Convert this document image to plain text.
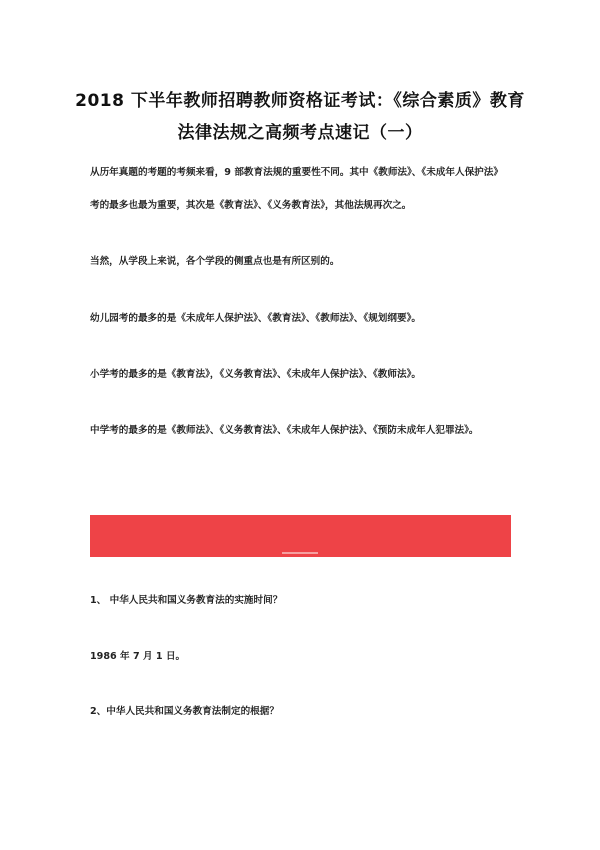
2018 下半年教师招聘教师资格证考试：《综合素质》教育
法律法规之高频考点速记（一）
从历年真题的考题的考频来看，9 部教育法规的重要性不同。其中《教师法》、《未成年人保护法》
考的最多也最为重要，其次是《教育法》、《义务教育法》，其他法规再次之。
当然，从学段上来说，各个学段的侧重点也是有所区别的。
幼儿园考的最多的是《未成年人保护法》、《教育法》、《教师法》、《规划纲要》。
小学考的最多的是《教育法》，《义务教育法》、《未成年人保护法》、《教师法》。
中学考的最多的是《教师法》、《义务教育法》、《未成年人保护法》、《预防未成年人犯罪法》。
1、 中华人民共和国义务教育法的实施时间？
1986 年 7 月 1 日。
2、中华人民共和国义务教育法制定的根据？
